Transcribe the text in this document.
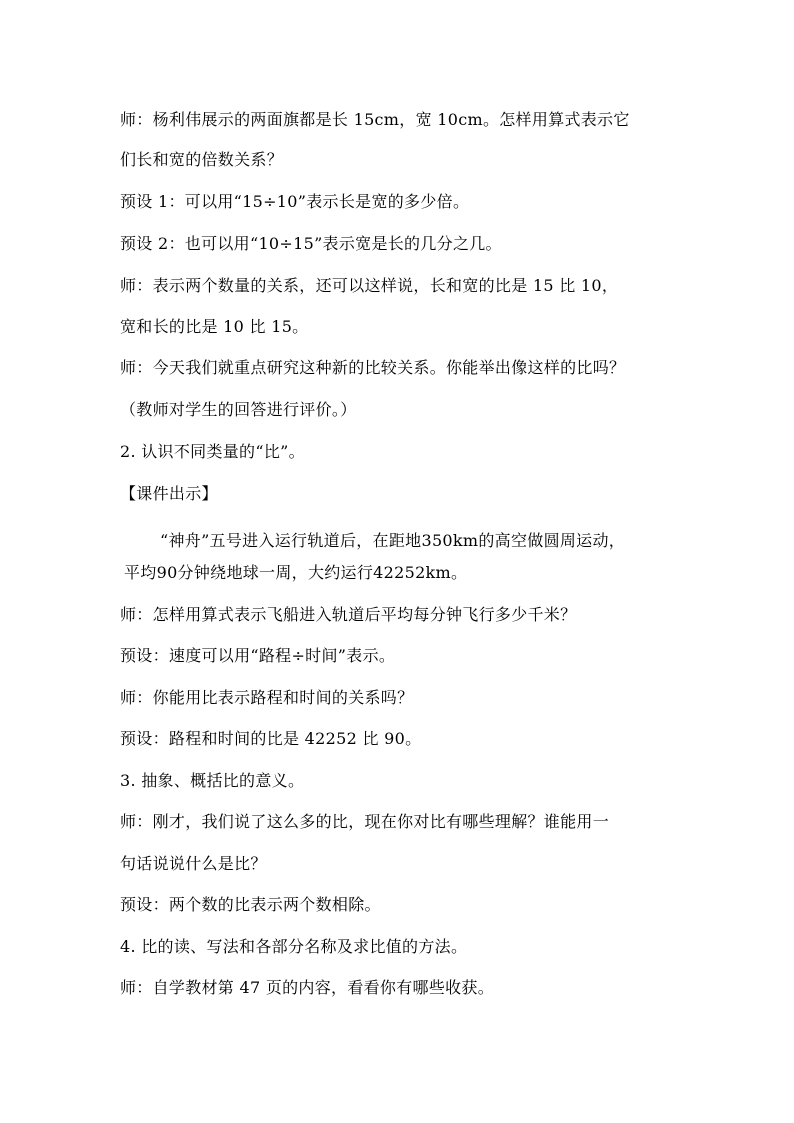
师：杨利伟展示的两面旗都是长 15cm，宽 10cm。怎样用算式表示它
们长和宽的倍数关系？
预设 1：可以用“15÷10”表示长是宽的多少倍。
预设 2：也可以用“10÷15”表示宽是长的几分之几。
师：表示两个数量的关系，还可以这样说，长和宽的比是 15 比 10，
宽和长的比是 10 比 15。
师：今天我们就重点研究这种新的比较关系。你能举出像这样的比吗？
（教师对学生的回答进行评价。）
2. 认识不同类量的“比”。
【课件出示】
“神舟”五号进入运行轨道后，在距地350km的高空做圆周运动，
平均90分钟绕地球一周，大约运行42252km。
师：怎样用算式表示飞船进入轨道后平均每分钟飞行多少千米？
预设：速度可以用“路程÷时间”表示。
师：你能用比表示路程和时间的关系吗？
预设：路程和时间的比是 42252 比 90。
3. 抽象、概括比的意义。
师：刚才，我们说了这么多的比，现在你对比有哪些理解？谁能用一
句话说说什么是比？
预设：两个数的比表示两个数相除。
4. 比的读、写法和各部分名称及求比值的方法。
师：自学教材第 47 页的内容，看看你有哪些收获。
